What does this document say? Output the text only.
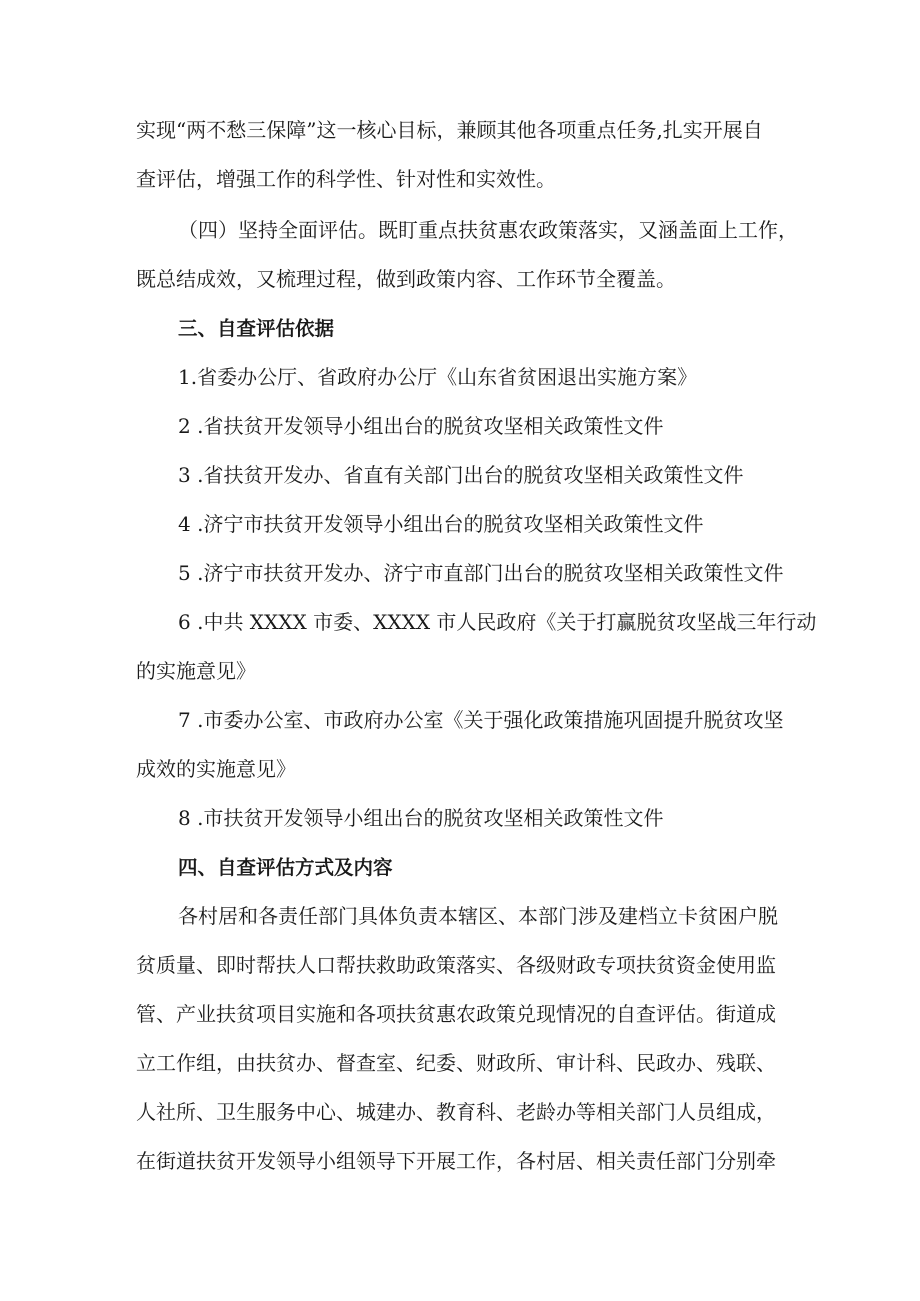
实现“两不愁三保障”这一核心目标，兼顾其他各项重点任务,扎实开展自
查评估，增强工作的科学性、针对性和实效性。
（四）坚持全面评估。既盯重点扶贫惠农政策落实，又涵盖面上工作，
既总结成效，又梳理过程，做到政策内容、工作环节全覆盖。
三、自查评估依据
1.省委办公厅、省政府办公厅《山东省贫困退出实施方案》
2 .省扶贫开发领导小组出台的脱贫攻坚相关政策性文件
3 .省扶贫开发办、省直有关部门出台的脱贫攻坚相关政策性文件
4 .济宁市扶贫开发领导小组出台的脱贫攻坚相关政策性文件
5 .济宁市扶贫开发办、济宁市直部门出台的脱贫攻坚相关政策性文件
6 .中共 XXXX 市委、XXXX 市人民政府《关于打赢脱贫攻坚战三年行动
的实施意见》
7 .市委办公室、市政府办公室《关于强化政策措施巩固提升脱贫攻坚
成效的实施意见》
8 .市扶贫开发领导小组出台的脱贫攻坚相关政策性文件
四、自查评估方式及内容
各村居和各责任部门具体负责本辖区、本部门涉及建档立卡贫困户脱
贫质量、即时帮扶人口帮扶救助政策落实、各级财政专项扶贫资金使用监
管、产业扶贫项目实施和各项扶贫惠农政策兑现情况的自查评估。街道成
立工作组，由扶贫办、督查室、纪委、财政所、审计科、民政办、残联、
人社所、卫生服务中心、城建办、教育科、老龄办等相关部门人员组成，
在街道扶贫开发领导小组领导下开展工作，各村居、相关责任部门分别牵
